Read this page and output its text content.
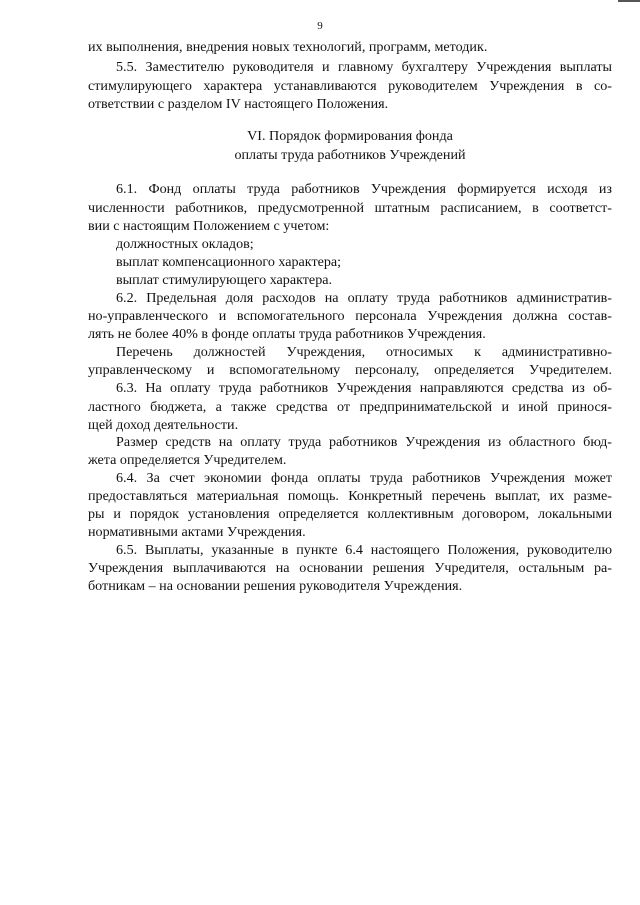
9
их выполнения, внедрения новых технологий, программ, методик.
5.5. Заместителю руководителя и главному бухгалтеру Учреждения выплаты
стимулирующего характера устанавливаются руководителем Учреждения в со-
ответствии с разделом IV настоящего Положения.
VI. Порядок формирования фонда
оплаты труда работников Учреждений
6.1. Фонд оплаты труда работников Учреждения формируется исходя из
численности работников, предусмотренной штатным расписанием, в соответст-
вии с настоящим Положением с учетом:
должностных окладов;
выплат компенсационного характера;
выплат стимулирующего характера.
6.2. Предельная доля расходов на оплату труда работников административ-
но-управленческого и вспомогательного персонала Учреждения должна состав-
лять не более 40% в фонде оплаты труда работников Учреждения.
Перечень должностей Учреждения, относимых к административно-
управленческому и вспомогательному персоналу, определяется Учредителем.
6.3. На оплату труда работников Учреждения направляются средства из об-
ластного бюджета, а также средства от предпринимательской и иной принося-
щей доход деятельности.
Размер средств на оплату труда работников Учреждения из областного бюд-
жета определяется Учредителем.
6.4. За счет экономии фонда оплаты труда работников Учреждения может
предоставляться материальная помощь. Конкретный перечень выплат, их разме-
ры и порядок установления определяется коллективным договором, локальными
нормативными актами Учреждения.
6.5. Выплаты, указанные в пункте 6.4 настоящего Положения, руководителю
Учреждения выплачиваются на основании решения Учредителя, остальным ра-
ботникам – на основании решения руководителя Учреждения.
